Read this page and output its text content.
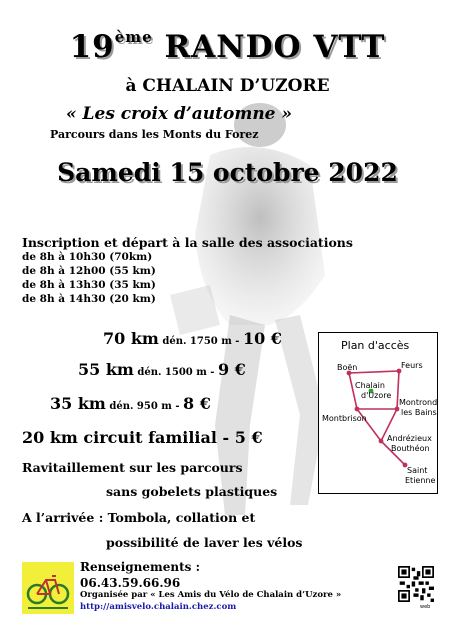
19ème RANDO VTT
à CHALAIN D’UZORE
« Les croix d’automne »
Parcours dans les Monts du Forez
Samedi 15 octobre 2022
Inscription et départ à la salle des associations
de 8h à 10h30 (70km)
de 8h à 12h00 (55 km)
de 8h à 13h30 (35 km)
de 8h à 14h30 (20 km)
70 km dén. 1750 m - 10 €
55 km dén. 1500 m - 9 €
35 km dén. 950 m - 8 €
20 km circuit familial - 5 €
Ravitaillement sur les parcours
sans gobelets plastiques
A l’arrivée : Tombola, collation et
possibilité de laver les vélos
Boën	Feurs
Chalain
d'Uzore
Montrond
les Bains
Montbrison
Andrézieux
Bouthéon
Saint
Etienne
Plan d'accès
Renseignements :
06.43.59.66.96
Organisée par « Les Amis du Vélo de Chalain d’Uzore »
http://amisvelo.chalain.chez.com	web
